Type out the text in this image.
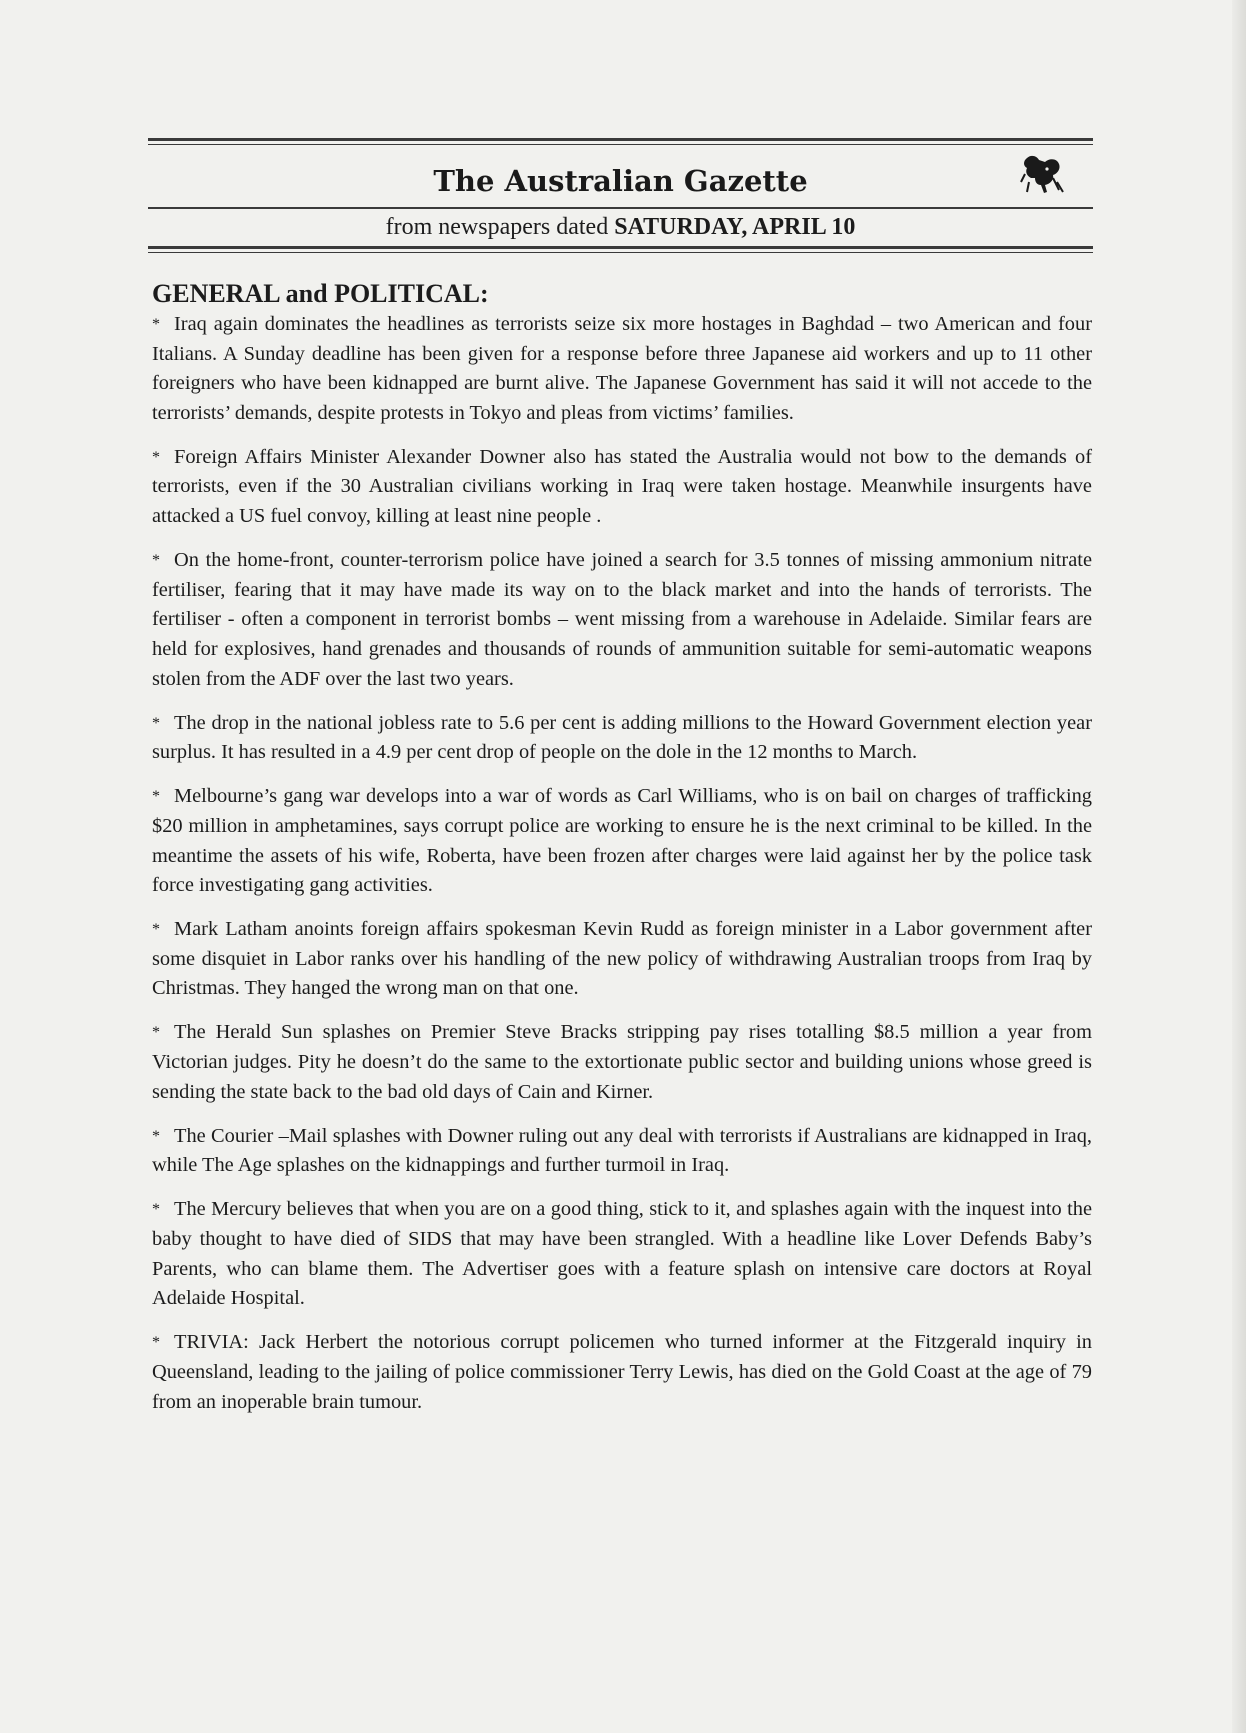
The Australian Gazette
from newspapers dated SATURDAY, APRIL 10

GENERAL and POLITICAL:

* Iraq again dominates the headlines as terrorists seize six more hostages in Baghdad – two American and four Italians. A Sunday deadline has been given for a response before three Japanese aid workers and up to 11 other foreigners who have been kidnapped are burnt alive. The Japanese Government has said it will not accede to the terrorists’ demands, despite protests in Tokyo and pleas from victims’ families.

* Foreign Affairs Minister Alexander Downer also has stated the Australia would not bow to the demands of terrorists, even if the 30 Australian civilians working in Iraq were taken hostage. Meanwhile insurgents have attacked a US fuel convoy, killing at least nine people .

* On the home-front, counter-terrorism police have joined a search for 3.5 tonnes of missing ammonium nitrate fertiliser, fearing that it may have made its way on to the black market and into the hands of terrorists. The fertiliser - often a component in terrorist bombs – went missing from a warehouse in Adelaide. Similar fears are held for explosives, hand grenades and thousands of rounds of ammunition suitable for semi-automatic weapons stolen from the ADF over the last two years.

* The drop in the national jobless rate to 5.6 per cent is adding millions to the Howard Government election year surplus. It has resulted in a 4.9 per cent drop of people on the dole in the 12 months to March.

* Melbourne’s gang war develops into a war of words as Carl Williams, who is on bail on charges of trafficking $20 million in amphetamines, says corrupt police are working to ensure he is the next criminal to be killed. In the meantime the assets of his wife, Roberta, have been frozen after charges were laid against her by the police task force investigating gang activities.

* Mark Latham anoints foreign affairs spokesman Kevin Rudd as foreign minister in a Labor government after some disquiet in Labor ranks over his handling of the new policy of withdrawing Australian troops from Iraq by Christmas. They hanged the wrong man on that one.

* The Herald Sun splashes on Premier Steve Bracks stripping pay rises totalling $8.5 million a year from Victorian judges. Pity he doesn’t do the same to the extortionate public sector and building unions whose greed is sending the state back to the bad old days of Cain and Kirner.

* The Courier –Mail splashes with Downer ruling out any deal with terrorists if Australians are kidnapped in Iraq, while The Age splashes on the kidnappings and further turmoil in Iraq.

* The Mercury believes that when you are on a good thing, stick to it, and splashes again with the inquest into the baby thought to have died of SIDS that may have been strangled. With a headline like Lover Defends Baby’s Parents, who can blame them. The Advertiser goes with a feature splash on intensive care doctors at Royal Adelaide Hospital.

* TRIVIA: Jack Herbert the notorious corrupt policemen who turned informer at the Fitzgerald inquiry in Queensland, leading to the jailing of police commissioner Terry Lewis, has died on the Gold Coast at the age of 79 from an inoperable brain tumour.
